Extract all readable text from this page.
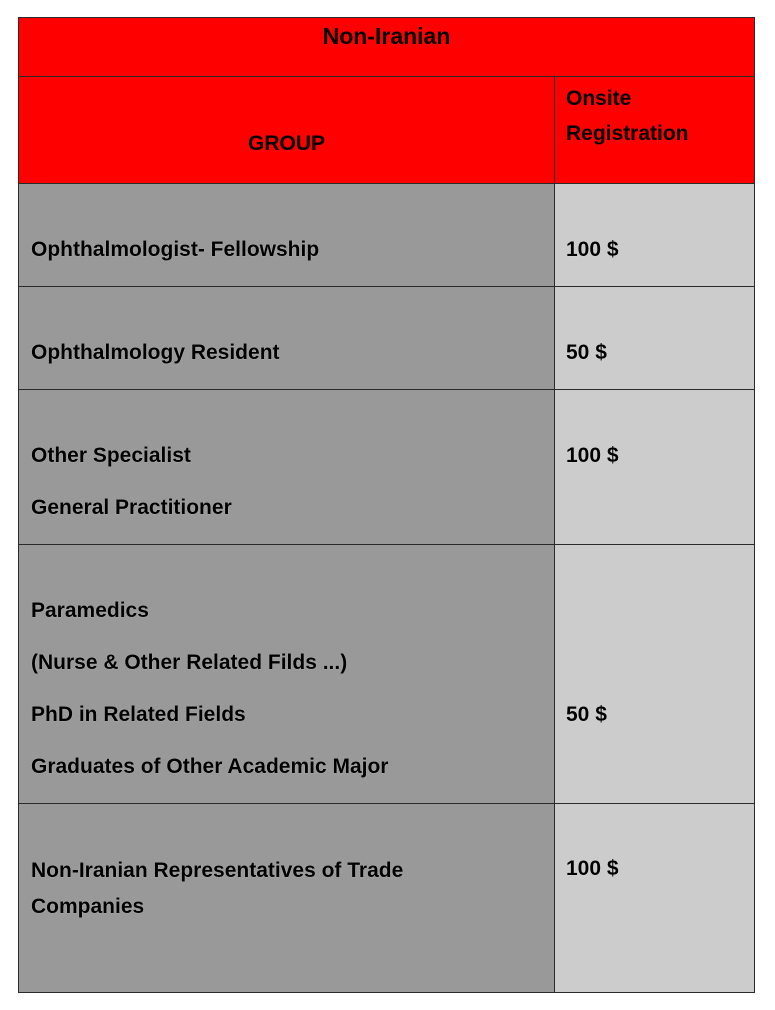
Non-Iranian	

GROUP	Onsite
Registration

Ophthalmologist- Fellowship	100 $

Ophthalmology Resident	50 $

Other Specialist
General Practitioner	100 $

Paramedics
(Nurse & Other Related Filds ...)
PhD in Related Fields
Graduates of Other Academic Major	50 $

Non-Iranian Representatives of Trade Companies	100 $
